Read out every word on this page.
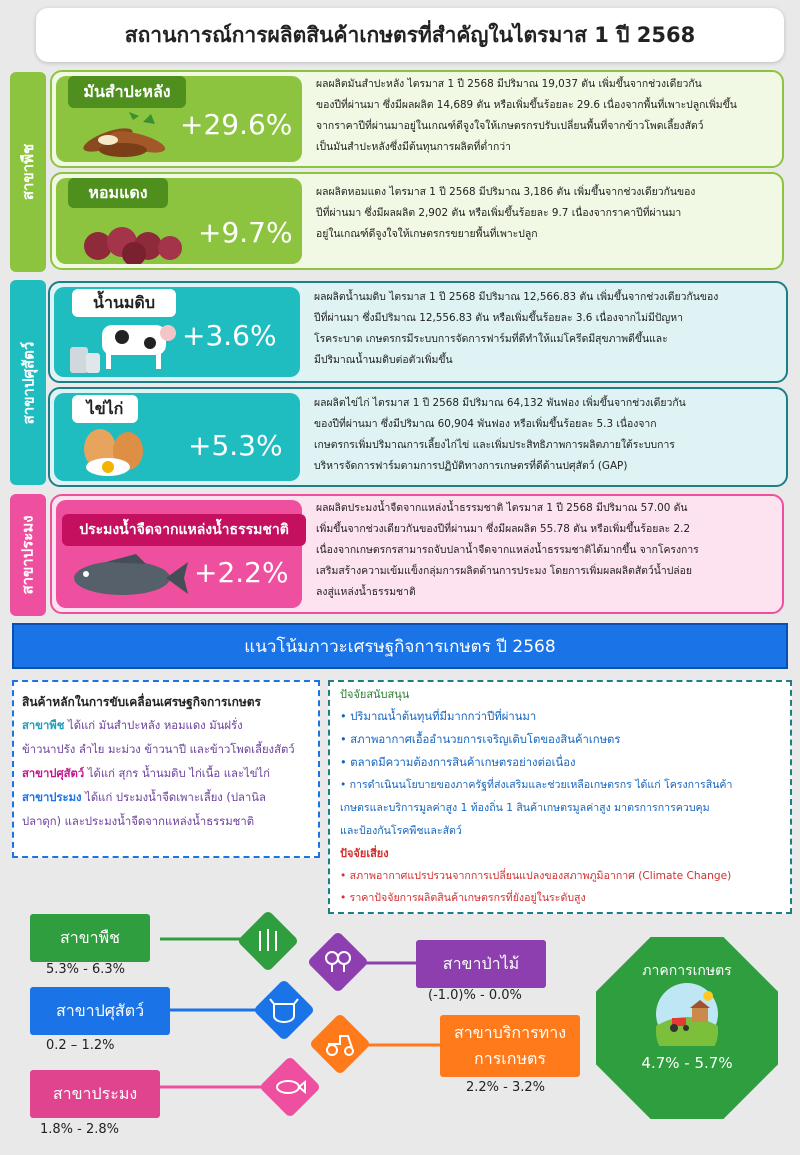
สถานการณ์การผลิตสินค้าเกษตรที่สำคัญในไตรมาส 1 ปี 2568
สาขาพืช
สาขาปศุสัตว์
สาขาประมง
มันสำปะหลัง
+29.6%
ผลผลิตมันสำปะหลัง ไตรมาส 1 ปี 2568 มีปริมาณ 19,037 ตัน เพิ่มขึ้นจากช่วงเดียวกัน
ของปีที่ผ่านมา ซึ่งมีผลผลิต 14,689 ตัน หรือเพิ่มขึ้นร้อยละ 29.6 เนื่องจากพื้นที่เพาะปลูกเพิ่มขึ้น
จากราคาปีที่ผ่านมาอยู่ในเกณฑ์ดีจูงใจให้เกษตรกรปรับเปลี่ยนพื้นที่จากข้าวโพดเลี้ยงสัตว์
เป็นมันสำปะหลังซึ่งมีต้นทุนการผลิตที่ต่ำกว่า
หอมแดง
+9.7%
ผลผลิตหอมแดง ไตรมาส 1 ปี 2568 มีปริมาณ 3,186 ตัน เพิ่มขึ้นจากช่วงเดียวกันของ
ปีที่ผ่านมา ซึ่งมีผลผลิต 2,902 ตัน หรือเพิ่มขึ้นร้อยละ 9.7 เนื่องจากราคาปีที่ผ่านมา
อยู่ในเกณฑ์ดีจูงใจให้เกษตรกรขยายพื้นที่เพาะปลูก
น้ำนมดิบ
+3.6%
ผลผลิตน้ำนมดิบ ไตรมาส 1 ปี 2568 มีปริมาณ 12,566.83 ตัน เพิ่มขึ้นจากช่วงเดียวกันของ
ปีที่ผ่านมา ซึ่งมีปริมาณ 12,556.83 ตัน หรือเพิ่มขึ้นร้อยละ 3.6 เนื่องจากไม่มีปัญหา
โรคระบาด เกษตรกรมีระบบการจัดการฟาร์มที่ดีทำให้แม่โครีดมีสุขภาพดีขึ้นและ
มีปริมาณน้ำนมดิบต่อตัวเพิ่มขึ้น
ไข่ไก่
+5.3%
ผลผลิตไข่ไก่ ไตรมาส 1 ปี 2568 มีปริมาณ 64,132 พันฟอง เพิ่มขึ้นจากช่วงเดียวกัน
ของปีที่ผ่านมา ซึ่งมีปริมาณ 60,904 พันฟอง หรือเพิ่มขึ้นร้อยละ 5.3 เนื่องจาก
เกษตรกรเพิ่มปริมาณการเลี้ยงไก่ไข่ และเพิ่มประสิทธิภาพการผลิตภายใต้ระบบการ
บริหารจัดการฟาร์มตามการปฏิบัติทางการเกษตรที่ดีด้านปศุสัตว์ (GAP)
ประมงน้ำจืดจากแหล่งน้ำธรรมชาติ
+2.2%
ผลผลิตประมงน้ำจืดจากแหล่งน้ำธรรมชาติ ไตรมาส 1 ปี 2568 มีปริมาณ 57.00 ตัน
เพิ่มขึ้นจากช่วงเดียวกันของปีที่ผ่านมา ซึ่งมีผลผลิต 55.78 ตัน หรือเพิ่มขึ้นร้อยละ 2.2
เนื่องจากเกษตรกรสามารถจับปลาน้ำจืดจากแหล่งน้ำธรรมชาติได้มากขึ้น จากโครงการ
เสริมสร้างความเข้มแข็งกลุ่มการผลิตด้านการประมง โดยการเพิ่มผลผลิตสัตว์น้ำปล่อย
ลงสู่แหล่งน้ำธรรมชาติ
แนวโน้มภาวะเศรษฐกิจการเกษตร ปี 2568
สินค้าหลักในการขับเคลื่อนเศรษฐกิจการเกษตร
สาขาพืช ได้แก่ มันสำปะหลัง หอมแดง มันฝรั่ง
ข้าวนาปรัง ลำไย มะม่วง ข้าวนาปี และข้าวโพดเลี้ยงสัตว์
สาขาปศุสัตว์ ได้แก่ สุกร น้ำนมดิบ ไก่เนื้อ และไข่ไก่
สาขาประมง ได้แก่ ประมงน้ำจืดเพาะเลี้ยง (ปลานิล
ปลาดุก) และประมงน้ำจืดจากแหล่งน้ำธรรมชาติ
ปัจจัยสนับสนุน
• ปริมาณน้ำต้นทุนที่มีมากกว่าปีที่ผ่านมา
• สภาพอากาศเอื้ออำนวยการเจริญเติบโตของสินค้าเกษตร
• ตลาดมีความต้องการสินค้าเกษตรอย่างต่อเนื่อง
• การดำเนินนโยบายของภาครัฐที่ส่งเสริมและช่วยเหลือเกษตรกร ได้แก่ โครงการสินค้า
เกษตรและบริการมูลค่าสูง 1 ท้องถิ่น 1 สินค้าเกษตรมูลค่าสูง มาตรการการควบคุม
และป้องกันโรคพืชและสัตว์
ปัจจัยเสี่ยง
• สภาพอากาศแปรปรวนจากการเปลี่ยนแปลงของสภาพภูมิอากาศ (Climate Change)
• ราคาปัจจัยการผลิตสินค้าเกษตรกรที่ยังอยู่ในระดับสูง
สาขาพืช
5.3% - 6.3%
สาขาปศุสัตว์
0.2 – 1.2%
สาขาประมง
1.8% - 2.8%
สาขาป่าไม้
(-1.0)% - 0.0%
สาขาบริการทาง
การเกษตร
2.2% - 3.2%
ภาคการเกษตร
4.7% - 5.7%
